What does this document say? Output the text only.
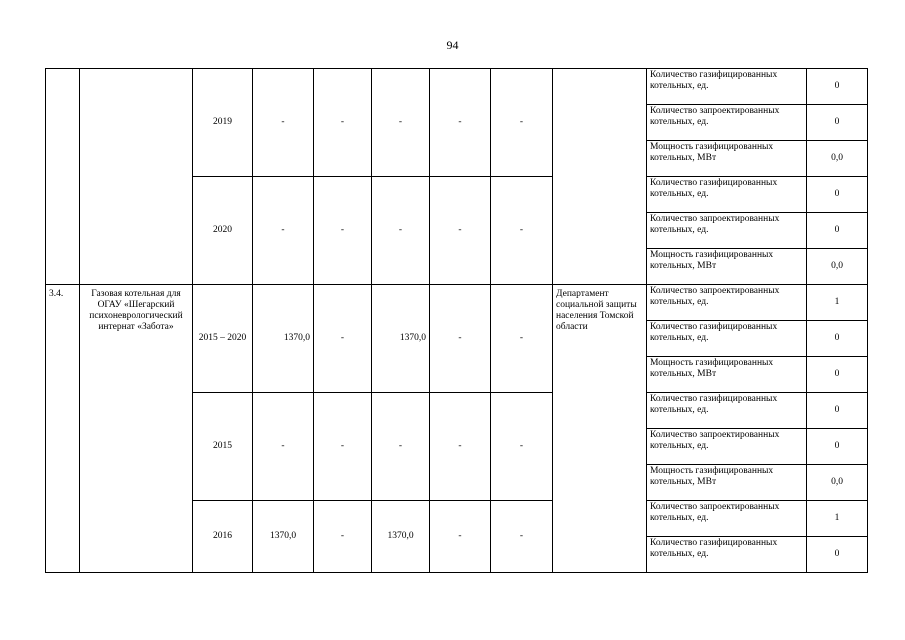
94
		2019	-	-	-	-	-		Количество газифицированных котельных, ед.	0
									Количество запроектированных котельных, ед.	0
									Мощность газифицированных котельных, МВт	0,0
		2020	-	-	-	-	-		Количество газифицированных котельных, ед.	0
									Количество запроектированных котельных, ед.	0
									Мощность газифицированных котельных, МВт	0,0
3.4.	Газовая котельная для ОГАУ «Шегарский психоневрологический интернат «Забота»	2015 – 2020	1370,0	-	1370,0	-	-	Департамент социальной защиты населения Томской области	Количество запроектированных котельных, ед.	1
									Количество газифицированных котельных, ед.	0
									Мощность газифицированных котельных, МВт	0
		2015	-	-	-	-	-		Количество газифицированных котельных, ед.	0
									Количество запроектированных котельных, ед.	0
									Мощность газифицированных котельных, МВт	0,0
		2016	1370,0	-	1370,0	-	-		Количество запроектированных котельных, ед.	1
									Количество газифицированных котельных, ед.	0
